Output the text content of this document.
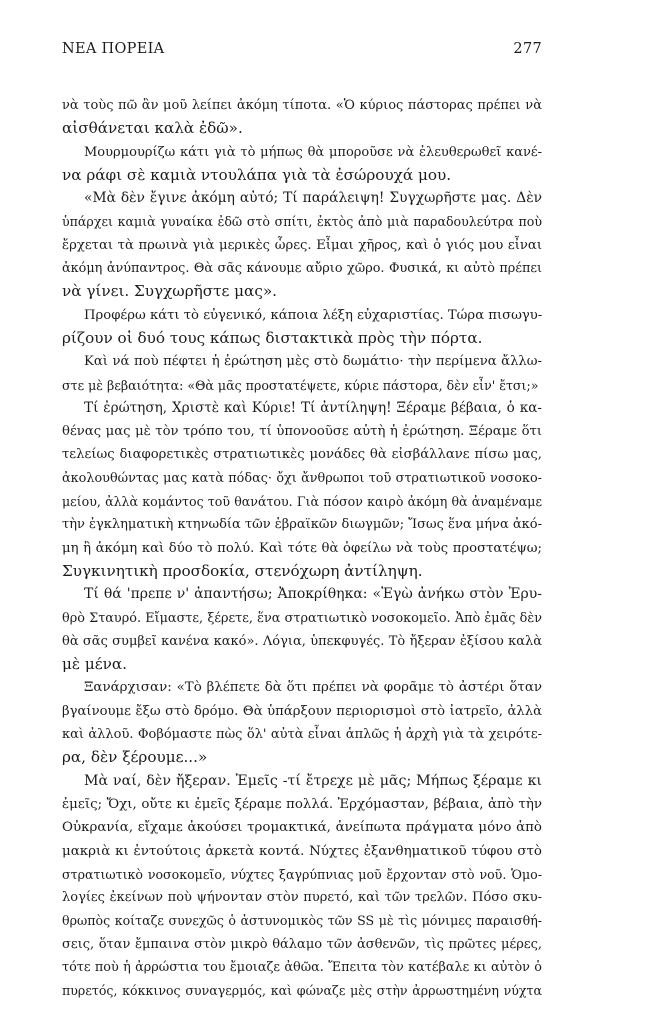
ΝΕΑ ΠΟΡΕΙΑ	277
νὰ τοὺς πῶ ἂν μοῦ λείπει ἀκόμη τίποτα. «Ὁ κύριος πάστορας πρέπει νὰ
αἰσθάνεται καλὰ ἐδῶ».
Μουρμουρίζω κάτι γιὰ τὸ μήπως θὰ μποροῦσε νὰ ἐλευθερωθεῖ κανέ-
να ράφι σὲ καμιὰ ντουλάπα γιὰ τὰ ἐσώρουχά μου.
«Μὰ δὲν ἔγινε ἀκόμη αὐτό; Τί παράλειψη! Συγχωρῆστε μας. Δὲν
ὑπάρχει καμιὰ γυναίκα ἐδῶ στὸ σπίτι, ἐκτὸς ἀπὸ μιὰ παραδουλεύτρα ποὺ
ἔρχεται τὰ πρωινὰ γιὰ μερικὲς ὧρες. Εἶμαι χῆρος, καὶ ὁ γιός μου εἶναι
ἀκόμη ἀνύπαντρος. Θὰ σᾶς κάνουμε αὔριο χῶρο. Φυσικά, κι αὐτὸ πρέπει
νὰ γίνει. Συγχωρῆστε μας».
Προφέρω κάτι τὸ εὐγενικό, κάποια λέξη εὐχαριστίας. Τώρα πισωγυ-
ρίζουν οἱ δυό τους κάπως διστακτικὰ πρὸς τὴν πόρτα.
Καὶ νά ποὺ πέφτει ἡ ἐρώτηση μὲς στὸ δωμάτιο· τὴν περίμενα ἄλλω-
στε μὲ βεβαιότητα: «Θὰ μᾶς προστατέψετε, κύριε πάστορα, δὲν εἶν' ἔτσι;»
Τί ἐρώτηση, Χριστὲ καὶ Κύριε! Τί ἀντίληψη! Ξέραμε βέβαια, ὁ κα-
θένας μας μὲ τὸν τρόπο του, τί ὑπονοοῦσε αὐτὴ ἡ ἐρώτηση. Ξέραμε ὅτι
τελείως διαφορετικὲς στρατιωτικὲς μονάδες θὰ εἰσβάλλανε πίσω μας,
ἀκολουθώντας μας κατὰ πόδας· ὄχι ἄνθρωποι τοῦ στρατιωτικοῦ νοσοκο-
μείου, ἀλλὰ κομάντος τοῦ θανάτου. Γιὰ πόσον καιρὸ ἀκόμη θὰ ἀναμέναμε
τὴν ἐγκληματικὴ κτηνωδία τῶν ἑβραϊκῶν διωγμῶν; Ἴσως ἕνα μήνα ἀκό-
μη ἢ ἀκόμη καὶ δύο τὸ πολύ. Καὶ τότε θὰ ὀφείλω νὰ τοὺς προστατέψω;
Συγκινητικὴ προσδοκία, στενόχωρη ἀντίληψη.
Τί θά 'πρεπε ν' ἀπαντήσω; Ἀποκρίθηκα: «Ἐγὼ ἀνήκω στὸν Ἐρυ-
θρὸ Σταυρό. Εἴμαστε, ξέρετε, ἕνα στρατιωτικὸ νοσοκομεῖο. Ἀπὸ ἐμᾶς δὲν
θὰ σᾶς συμβεῖ κανένα κακό». Λόγια, ὑπεκφυγές. Τὸ ἤξεραν ἐξίσου καλὰ
μὲ μένα.
Ξανάρχισαν: «Τὸ βλέπετε δὰ ὅτι πρέπει νὰ φορᾶμε τὸ ἀστέρι ὅταν
βγαίνουμε ἔξω στὸ δρόμο. Θὰ ὑπάρξουν περιορισμοὶ στὸ ἰατρεῖο, ἀλλὰ
καὶ ἀλλοῦ. Φοβόμαστε πὼς ὅλ' αὐτὰ εἶναι ἁπλῶς ἡ ἀρχὴ γιὰ τὰ χειρότε-
ρα, δὲν ξέρουμε...»
Μὰ ναί, δὲν ἤξεραν. Ἐμεῖς -τί ἔτρεχε μὲ μᾶς; Μήπως ξέραμε κι
ἐμεῖς; Ὄχι, οὔτε κι ἐμεῖς ξέραμε πολλά. Ἐρχόμασταν, βέβαια, ἀπὸ τὴν
Οὐκρανία, εἴχαμε ἀκούσει τρομακτικά, ἀνείπωτα πράγματα μόνο ἀπὸ
μακριὰ κι ἐντούτοις ἀρκετὰ κοντά. Νύχτες ἐξανθηματικοῦ τύφου στὸ
στρατιωτικὸ νοσοκομεῖο, νύχτες ξαγρύπνιας μοῦ ἔρχονταν στὸ νοῦ. Ὁμο-
λογίες ἐκείνων ποὺ ψήνονταν στὸν πυρετό, καὶ τῶν τρελῶν. Πόσο σκυ-
θρωπὸς κοίταζε συνεχῶς ὁ ἀστυνομικὸς τῶν SS μὲ τὶς μόνιμες παραισθή-
σεις, ὅταν ἔμπαινα στὸν μικρὸ θάλαμο τῶν ἀσθενῶν, τὶς πρῶτες μέρες,
τότε ποὺ ἡ ἀρρώστια του ἔμοιαζε ἀθῶα. Ἔπειτα τὸν κατέβαλε κι αὐτὸν ὁ
πυρετός, κόκκινος συναγερμός, καὶ φώναζε μὲς στὴν ἀρρωστημένη νύχτα
